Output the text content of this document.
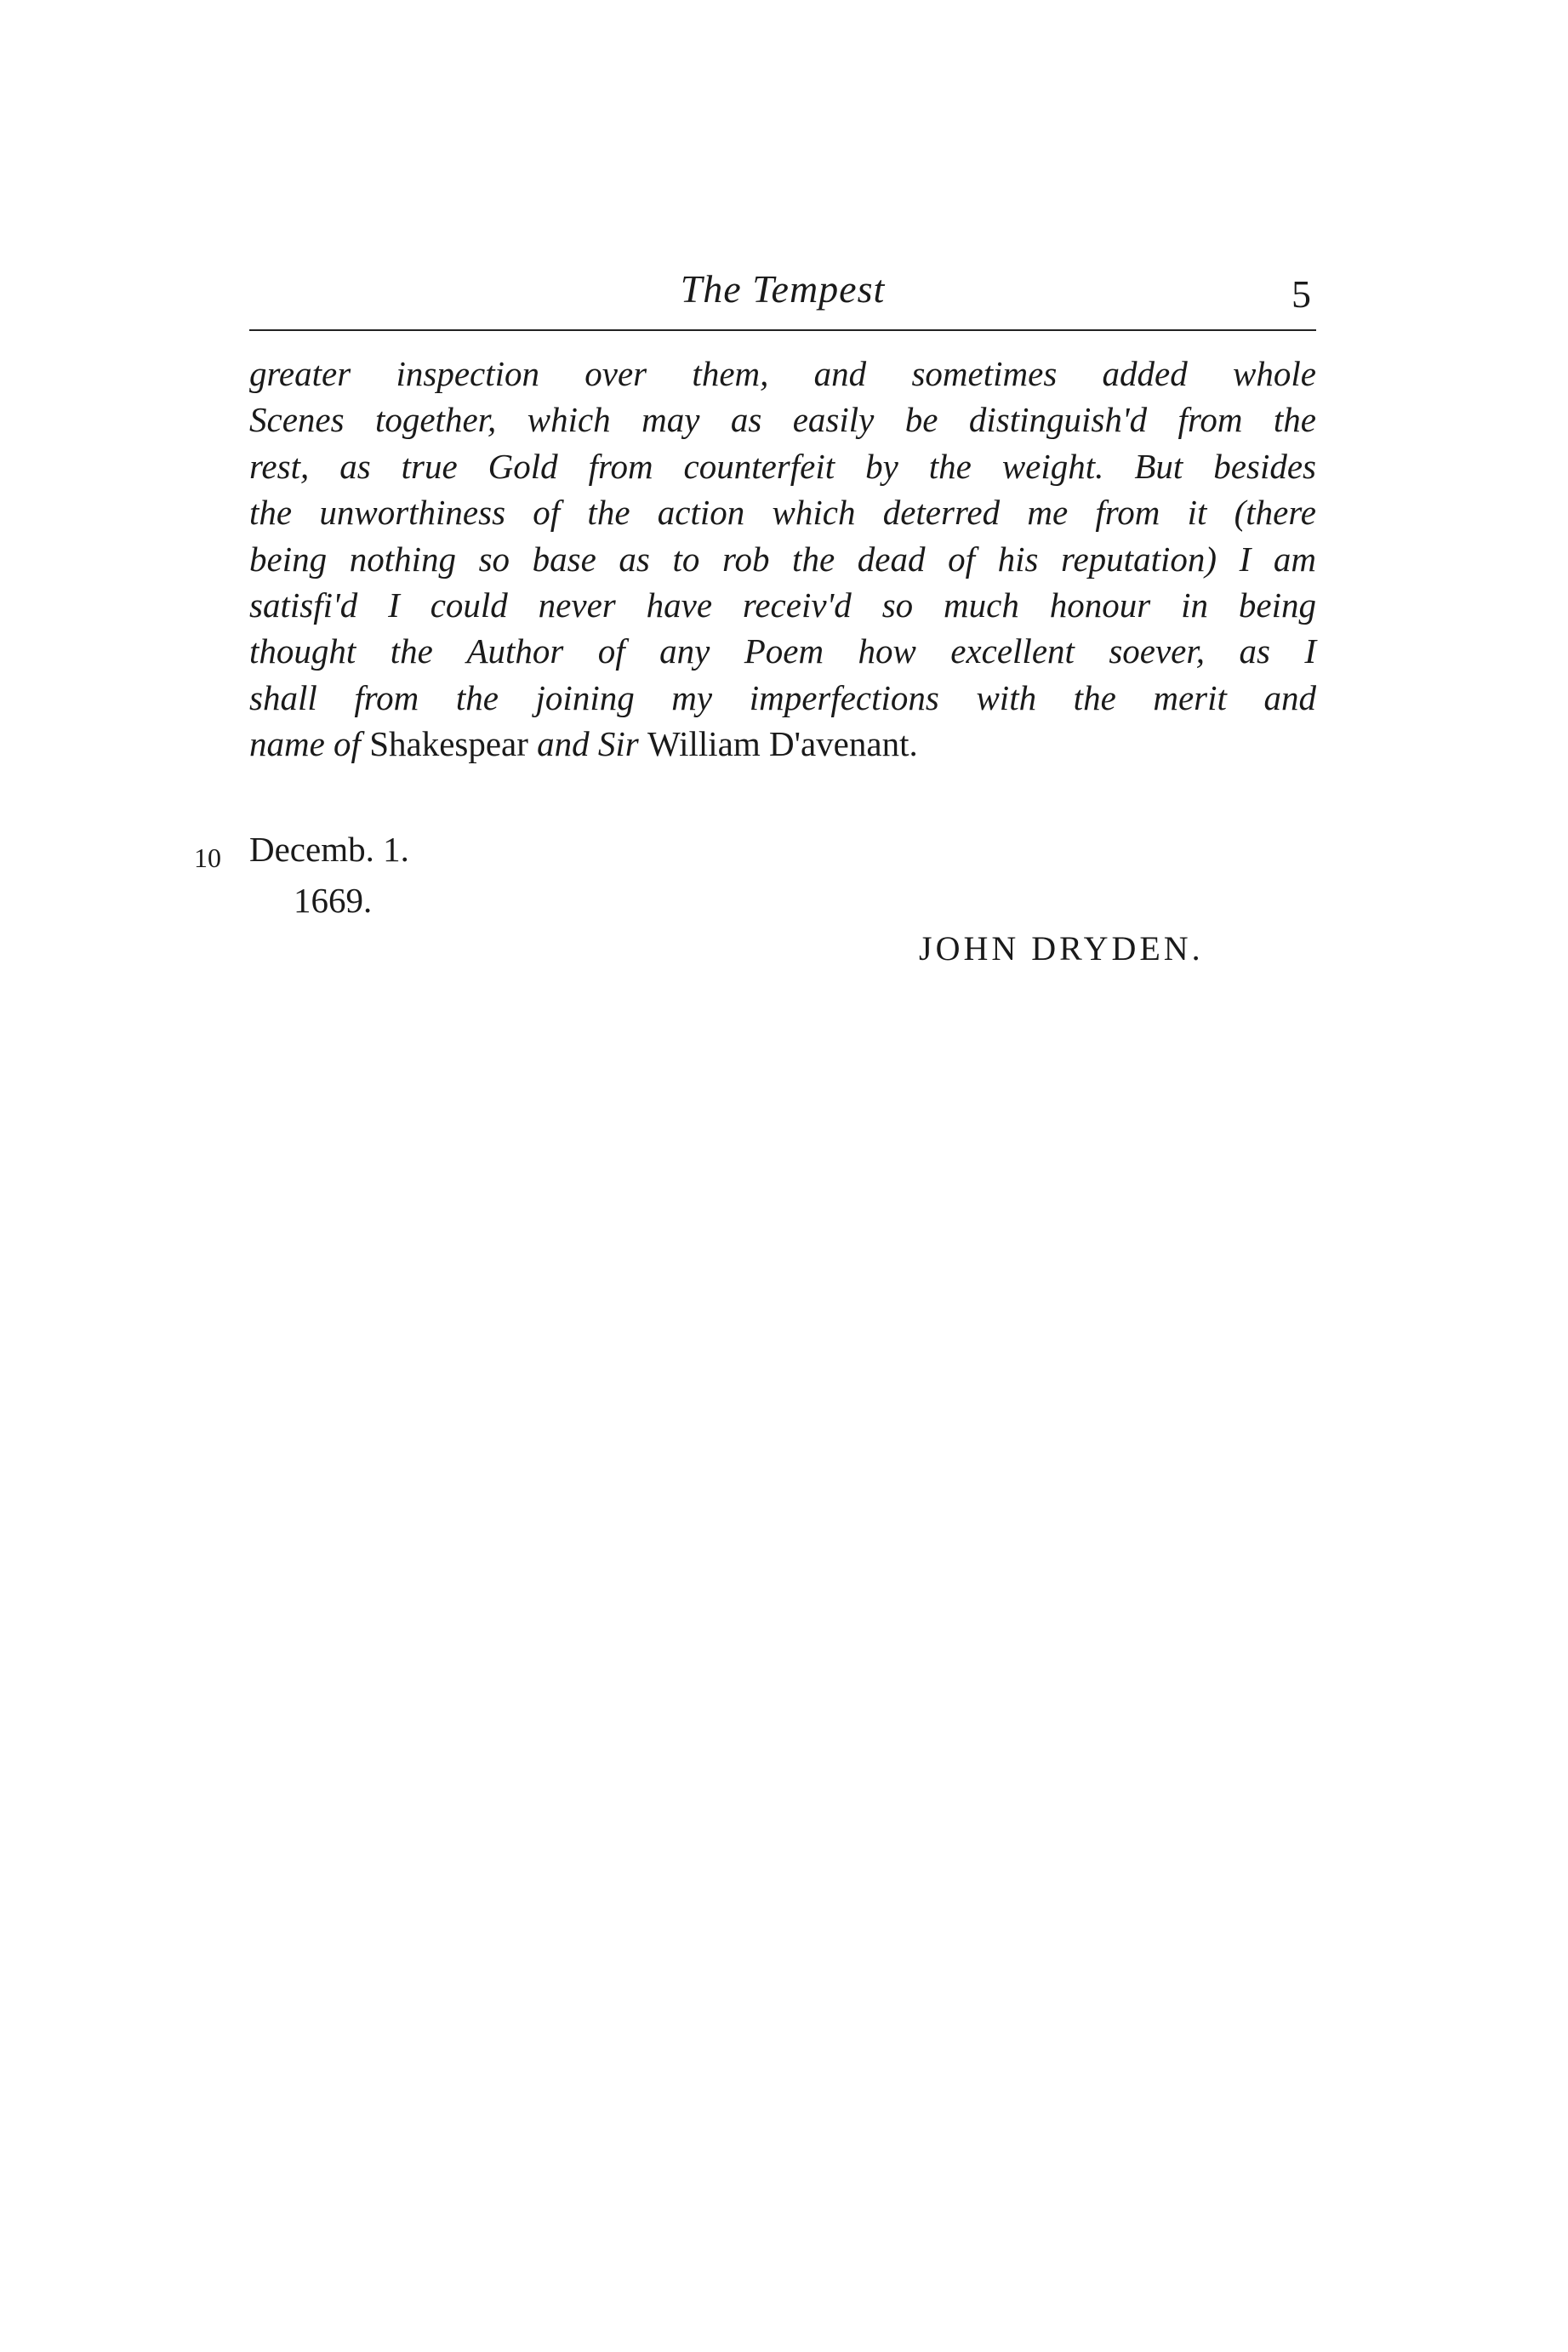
The Tempest	5
greater inspection over them, and sometimes added whole
Scenes together, which may as easily be distinguish'd from the
rest, as true Gold from counterfeit by the weight. But besides
the unworthiness of the action which deterred me from it (there
being nothing so base as to rob the dead of his reputation) I am
satisfi'd I could never have receiv'd so much honour in being
thought the Author of any Poem how excellent soever, as I
shall from the joining my imperfections with the merit and
name of Shakespear and Sir William D'avenant.
10 Decemb. 1.
1669.
JOHN DRYDEN.
